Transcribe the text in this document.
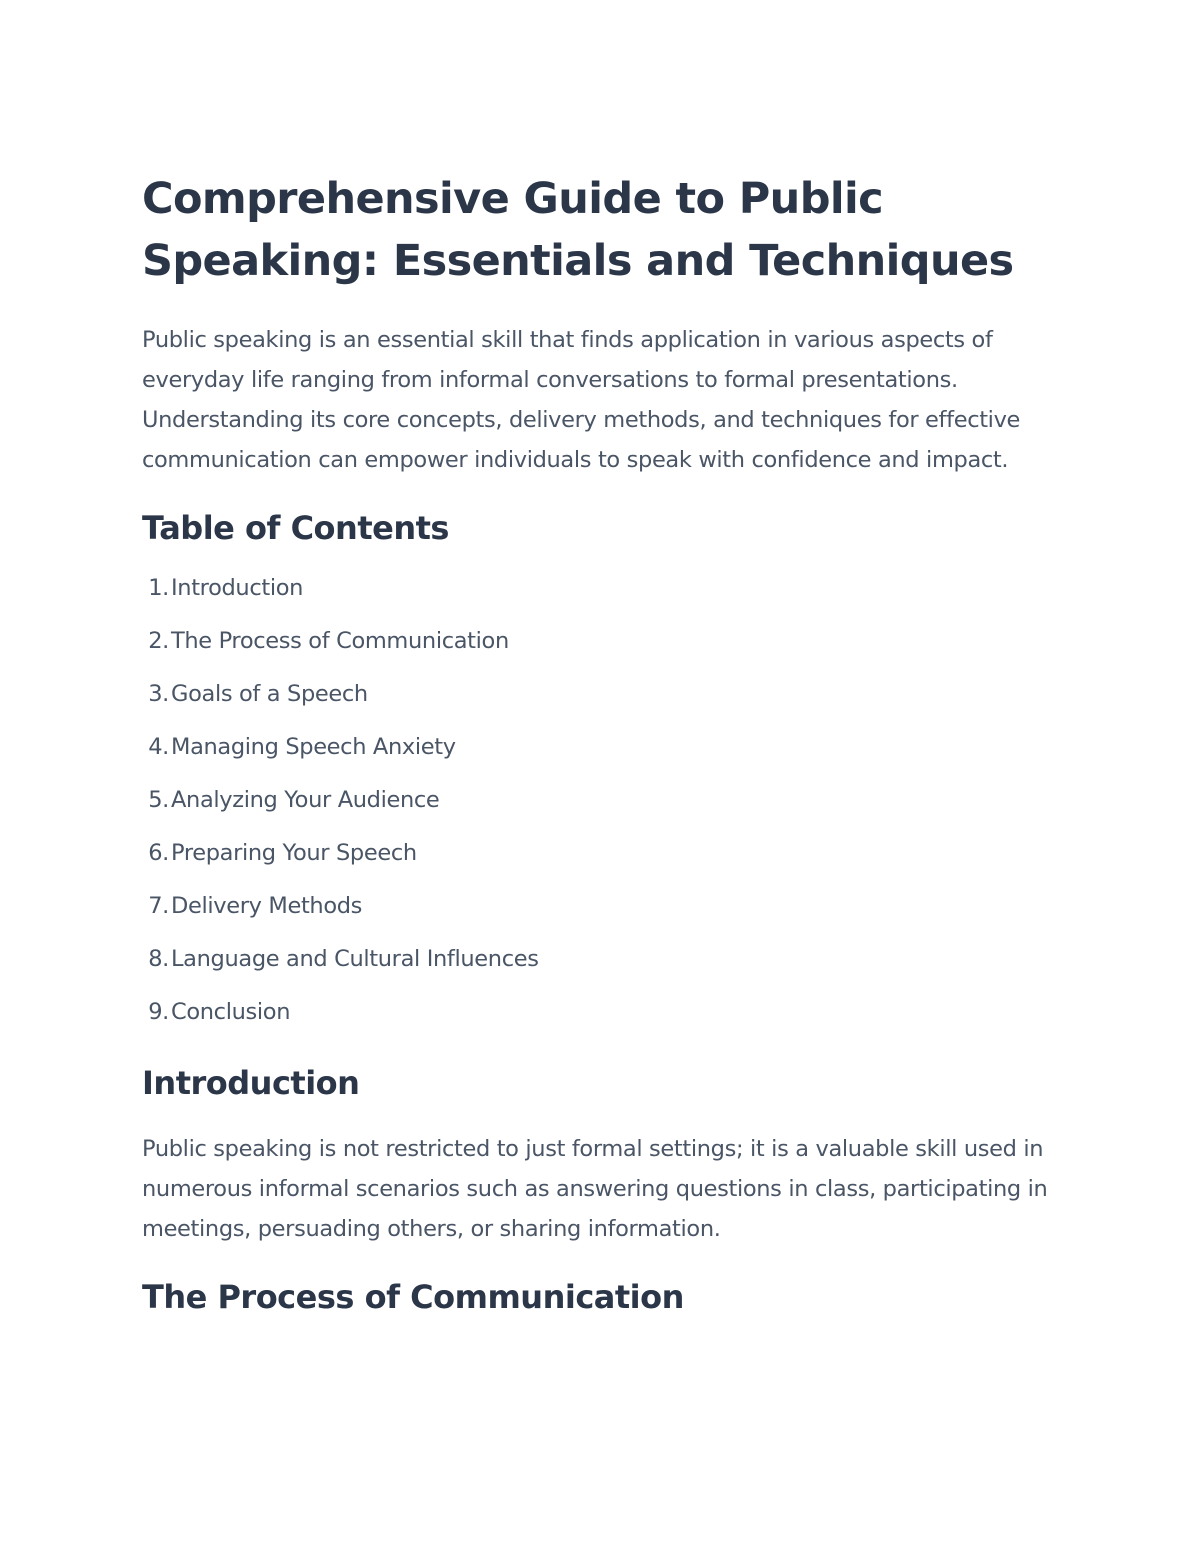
Comprehensive Guide to Public Speaking: Essentials and Techniques

Public speaking is an essential skill that finds application in various aspects of everyday life ranging from informal conversations to formal presentations. Understanding its core concepts, delivery methods, and techniques for effective communication can empower individuals to speak with confidence and impact.

Table of Contents
1. Introduction
2. The Process of Communication
3. Goals of a Speech
4. Managing Speech Anxiety
5. Analyzing Your Audience
6. Preparing Your Speech
7. Delivery Methods
8. Language and Cultural Influences
9. Conclusion
Introduction

Public speaking is not restricted to just formal settings; it is a valuable skill used in numerous informal scenarios such as answering questions in class, participating in meetings, persuading others, or sharing information.

The Process of Communication
